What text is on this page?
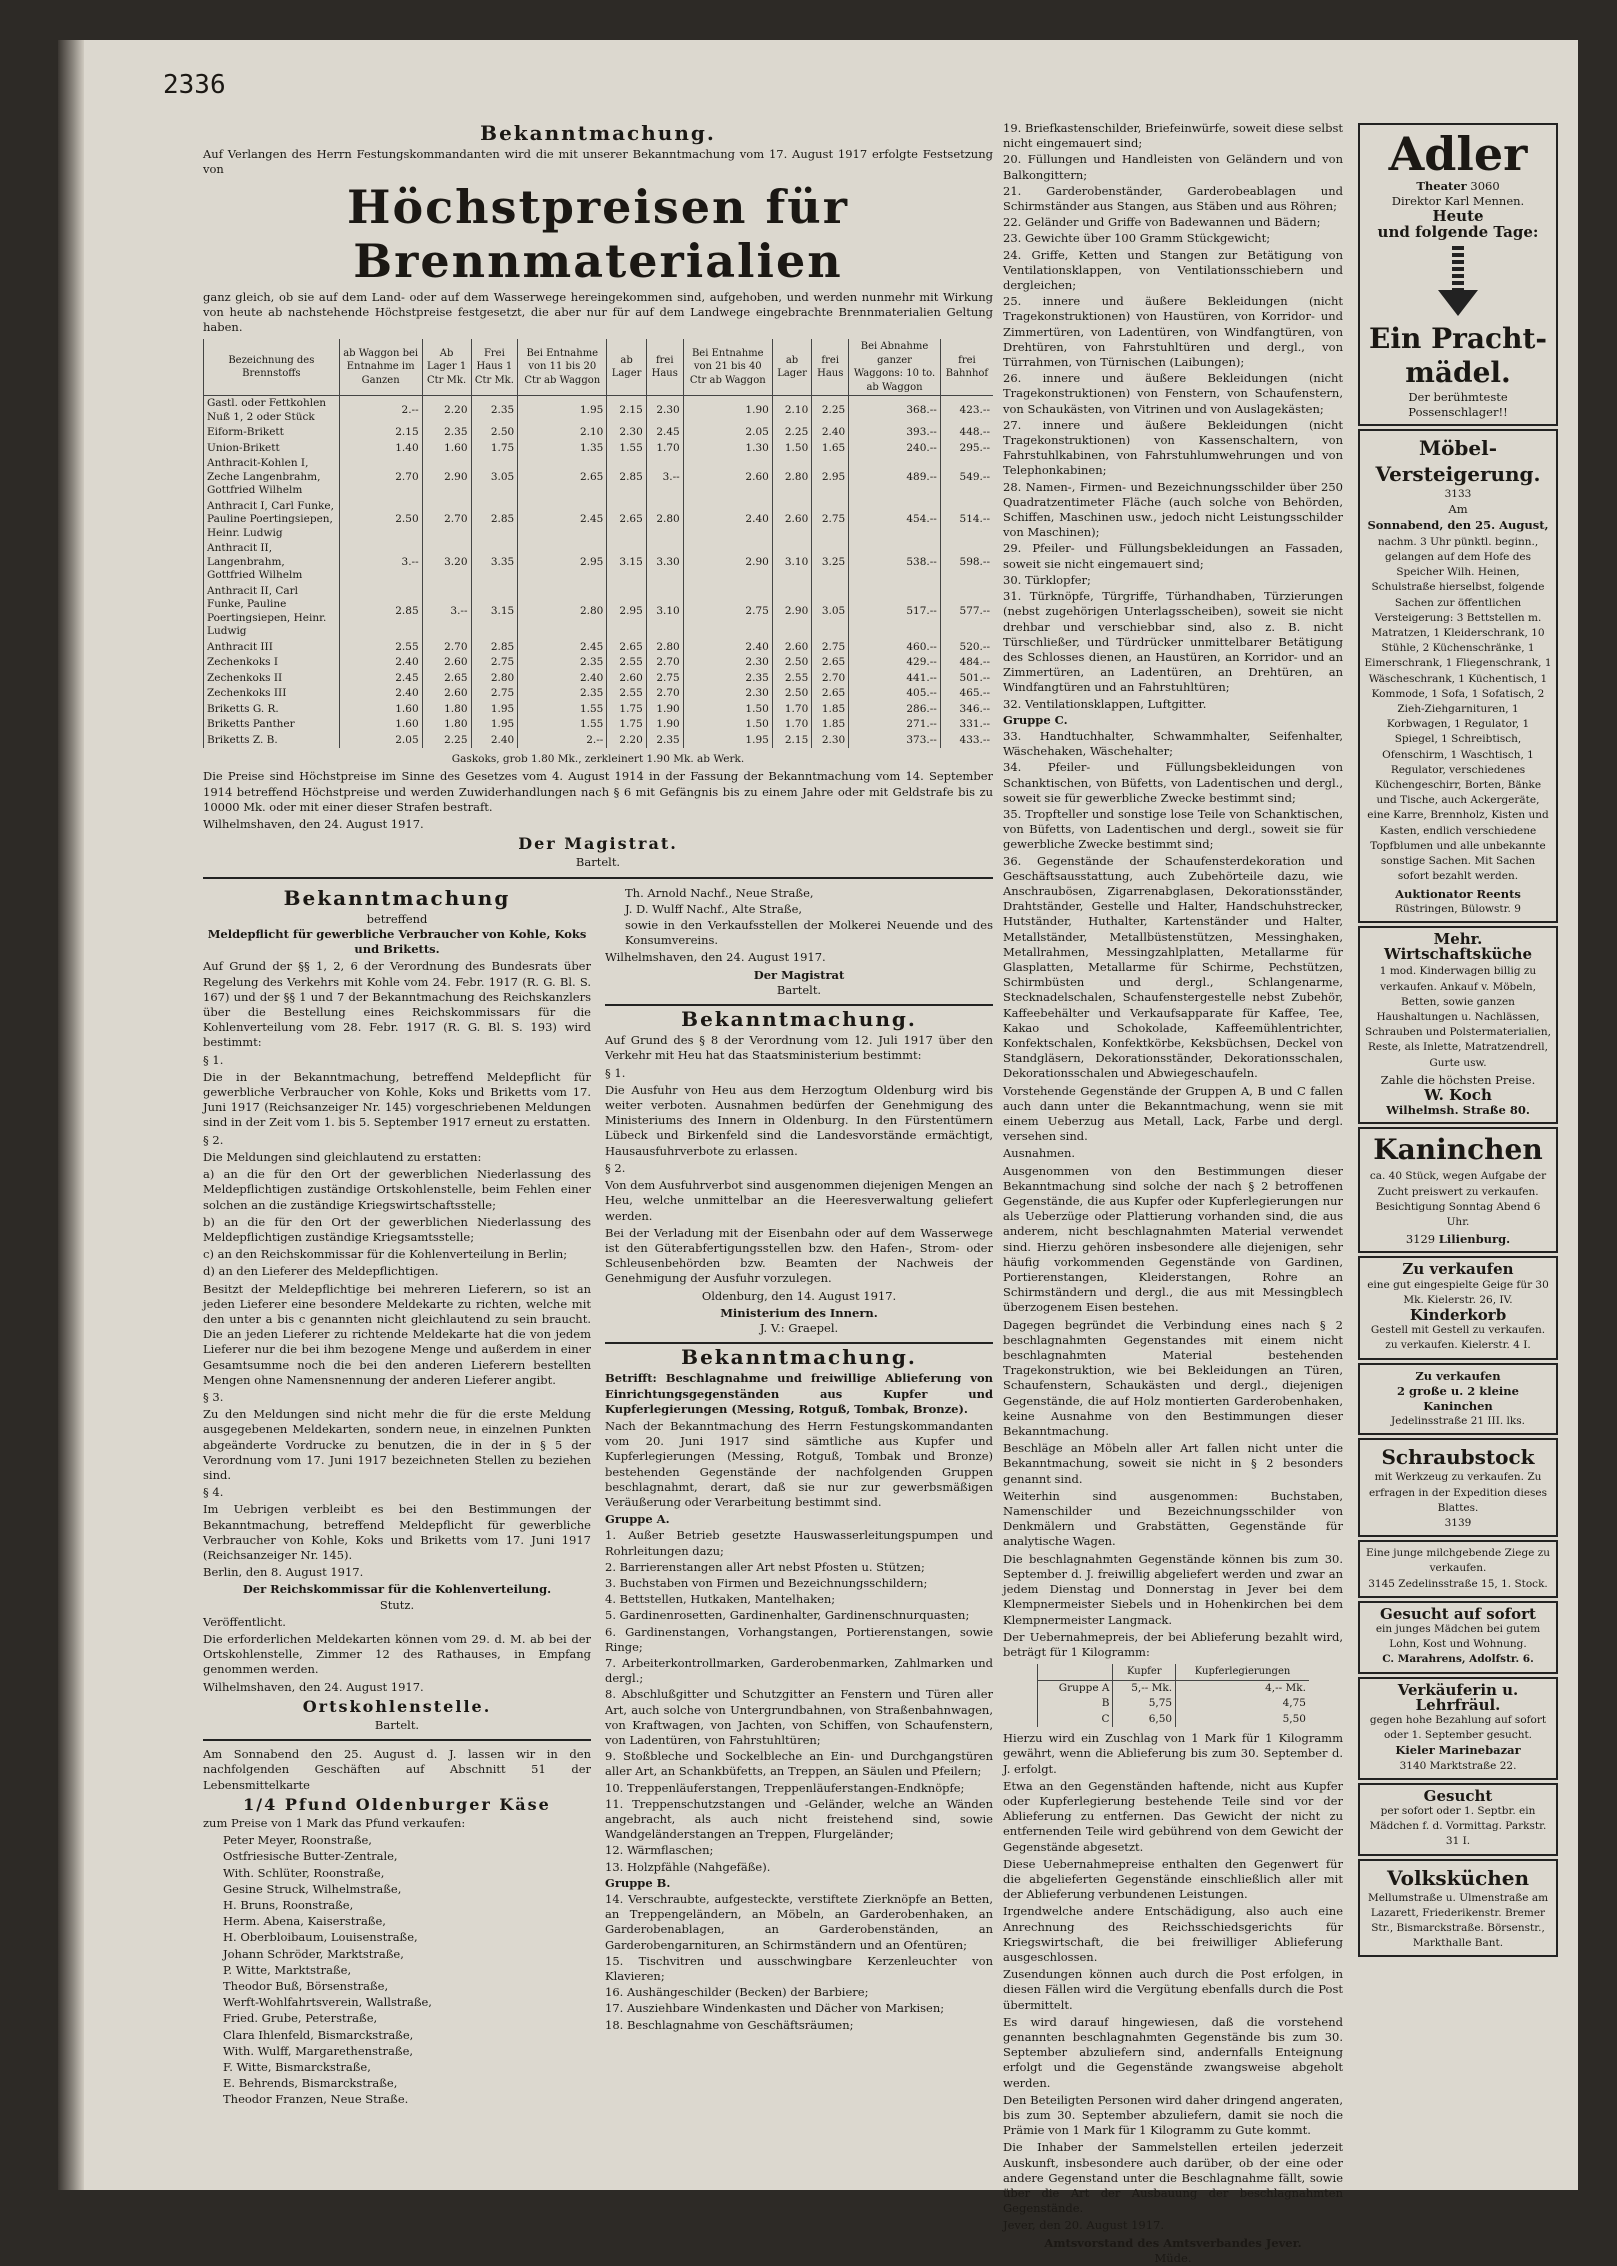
2336
Bekanntmachung.

Auf Verlangen des Herrn Festungskommandanten wird die mit unserer Bekanntmachung vom 17. August 1917 erfolgte Festsetzung von

Höchstpreisen für Brennmaterialien

ganz gleich, ob sie auf dem Land- oder auf dem Wasserwege hereingekommen sind, aufgehoben, und werden nunmehr mit Wirkung von heute ab nachstehende Höchstpreise festgesetzt, die aber nur für auf dem Landwege eingebrachte Brennmaterialien Geltung haben.

Bezeichnung des Brennstoffs	ab Waggon bei Entnahme im Ganzen	Ab Lager 1 Ctr Mk.	Frei Haus 1 Ctr Mk.	Bei Entnahme von 11 bis 20 Ctr ab Waggon	ab Lager	frei Haus	Bei Entnahme von 21 bis 40 Ctr ab Waggon	ab Lager	frei Haus	Bei Abnahme ganzer Waggons: 10 to. ab Waggon	frei Bahnhof
Gastl. oder Fettkohlen Nuß 1, 2 oder Stück	2.--	2.20	2.35	1.95	2.15	2.30	1.90	2.10	2.25	368.--	423.--
Eiform-Brikett	2.15	2.35	2.50	2.10	2.30	2.45	2.05	2.25	2.40	393.--	448.--
Union-Brikett	1.40	1.60	1.75	1.35	1.55	1.70	1.30	1.50	1.65	240.--	295.--
Anthracit-Kohlen I, Zeche Langenbrahm, Gottfried Wilhelm	2.70	2.90	3.05	2.65	2.85	3.--	2.60	2.80	2.95	489.--	549.--
Anthracit I, Carl Funke, Pauline Poertingsiepen, Heinr. Ludwig	2.50	2.70	2.85	2.45	2.65	2.80	2.40	2.60	2.75	454.--	514.--
Anthracit II, Langenbrahm, Gottfried Wilhelm	3.--	3.20	3.35	2.95	3.15	3.30	2.90	3.10	3.25	538.--	598.--
Anthracit II, Carl Funke, Pauline Poertingsiepen, Heinr. Ludwig	2.85	3.--	3.15	2.80	2.95	3.10	2.75	2.90	3.05	517.--	577.--
Anthracit III	2.55	2.70	2.85	2.45	2.65	2.80	2.40	2.60	2.75	460.--	520.--
Zechenkoks I	2.40	2.60	2.75	2.35	2.55	2.70	2.30	2.50	2.65	429.--	484.--
Zechenkoks II	2.45	2.65	2.80	2.40	2.60	2.75	2.35	2.55	2.70	441.--	501.--
Zechenkoks III	2.40	2.60	2.75	2.35	2.55	2.70	2.30	2.50	2.65	405.--	465.--
Briketts G. R.	1.60	1.80	1.95	1.55	1.75	1.90	1.50	1.70	1.85	286.--	346.--
Briketts Panther	1.60	1.80	1.95	1.55	1.75	1.90	1.50	1.70	1.85	271.--	331.--
Briketts Z. B.	2.05	2.25	2.40	2.--	2.20	2.35	1.95	2.15	2.30	373.--	433.--
Gaskoks, grob 1.80 Mk., zerkleinert 1.90 Mk. ab Werk.

Die Preise sind Höchstpreise im Sinne des Gesetzes vom 4. August 1914 in der Fassung der Bekanntmachung vom 14. September 1914 betreffend Höchstpreise und werden Zuwiderhandlungen nach § 6 mit Gefängnis bis zu einem Jahre oder mit Geldstrafe bis zu 10000 Mk. oder mit einer dieser Strafen bestraft.

Wilhelmshaven, den 24. August 1917.

Der Magistrat.
Bartelt.
Bekanntmachung
betreffend
Meldepflicht für gewerbliche Verbraucher von Kohle, Koks und Briketts.

Auf Grund der §§ 1, 2, 6 der Verordnung des Bundesrats über Regelung des Verkehrs mit Kohle vom 24. Febr. 1917 (R. G. Bl. S. 167) und der §§ 1 und 7 der Bekanntmachung des Reichskanzlers über die Bestellung eines Reichskommissars für die Kohlenverteilung vom 28. Febr. 1917 (R. G. Bl. S. 193) wird bestimmt:

§ 1.

Die in der Bekanntmachung, betreffend Meldepflicht für gewerbliche Verbraucher von Kohle, Koks und Briketts vom 17. Juni 1917 (Reichsanzeiger Nr. 145) vorgeschriebenen Meldungen sind in der Zeit vom 1. bis 5. September 1917 erneut zu erstatten.

§ 2.

Die Meldungen sind gleichlautend zu erstatten:

a) an die für den Ort der gewerblichen Niederlassung des Meldepflichtigen zuständige Ortskohlenstelle, beim Fehlen einer solchen an die zuständige Kriegswirtschaftsstelle;

b) an die für den Ort der gewerblichen Niederlassung des Meldepflichtigen zuständige Kriegsamtsstelle;

c) an den Reichskommissar für die Kohlenverteilung in Berlin;

d) an den Lieferer des Meldepflichtigen.

Besitzt der Meldepflichtige bei mehreren Lieferern, so ist an jeden Lieferer eine besondere Meldekarte zu richten, welche mit den unter a bis c genannten nicht gleichlautend zu sein braucht. Die an jeden Lieferer zu richtende Meldekarte hat die von jedem Lieferer nur die bei ihm bezogene Menge und außerdem in einer Gesamtsumme noch die bei den anderen Lieferern bestellten Mengen ohne Namensnennung der anderen Lieferer angibt.

§ 3.

Zu den Meldungen sind nicht mehr die für die erste Meldung ausgegebenen Meldekarten, sondern neue, in einzelnen Punkten abgeänderte Vordrucke zu benutzen, die in der in § 5 der Verordnung vom 17. Juni 1917 bezeichneten Stellen zu beziehen sind.

§ 4.

Im Uebrigen verbleibt es bei den Bestimmungen der Bekanntmachung, betreffend Meldepflicht für gewerbliche Verbraucher von Kohle, Koks und Briketts vom 17. Juni 1917 (Reichsanzeiger Nr. 145).

Berlin, den 8. August 1917.

Der Reichskommissar für die Kohlenverteilung.
Stutz.

Veröffentlicht.

Die erforderlichen Meldekarten können vom 29. d. M. ab bei der Ortskohlenstelle, Zimmer 12 des Rathauses, in Empfang genommen werden.

Wilhelmshaven, den 24. August 1917.

Ortskohlenstelle.
Bartelt.

Am Sonnabend den 25. August d. J. lassen wir in den nachfolgenden Geschäften auf Abschnitt 51 der Lebensmittelkarte

1/4 Pfund Oldenburger Käse

zum Preise von 1 Mark das Pfund verkaufen:

Peter Meyer, Roonstraße,

Ostfriesische Butter-Zentrale,

With. Schlüter, Roonstraße,

Gesine Struck, Wilhelmstraße,

H. Bruns, Roonstraße,

Herm. Abena, Kaiserstraße,

H. Oberbloibaum, Louisenstraße,

Johann Schröder, Marktstraße,

P. Witte, Marktstraße,

Theodor Buß, Börsenstraße,

Werft-Wohlfahrtsverein, Wallstraße,

Fried. Grube, Peterstraße,

Clara Ihlenfeld, Bismarckstraße,

With. Wulff, Margarethenstraße,

F. Witte, Bismarckstraße,

E. Behrends, Bismarckstraße,

Theodor Franzen, Neue Straße.

Th. Arnold Nachf., Neue Straße,

J. D. Wulff Nachf., Alte Straße,

sowie in den Verkaufsstellen der Molkerei Neuende und des Konsumvereins.

Wilhelmshaven, den 24. August 1917.

Der Magistrat
Bartelt.
Bekanntmachung.

Auf Grund des § 8 der Verordnung vom 12. Juli 1917 über den Verkehr mit Heu hat das Staatsministerium bestimmt:

§ 1.

Die Ausfuhr von Heu aus dem Herzogtum Oldenburg wird bis weiter verboten. Ausnahmen bedürfen der Genehmigung des Ministeriums des Innern in Oldenburg. In den Fürstentümern Lübeck und Birkenfeld sind die Landesvorstände ermächtigt, Hausausfuhrverbote zu erlassen.

§ 2.

Von dem Ausfuhrverbot sind ausgenommen diejenigen Mengen an Heu, welche unmittelbar an die Heeresverwaltung geliefert werden.

Bei der Verladung mit der Eisenbahn oder auf dem Wasserwege ist den Güterabfertigungsstellen bzw. den Hafen-, Strom- oder Schleusenbehörden bzw. Beamten der Nachweis der Genehmigung der Ausfuhr vorzulegen.

Oldenburg, den 14. August 1917.

Ministerium des Innern.
J. V.: Graepel.
Bekanntmachung.

Betrifft: Beschlagnahme und freiwillige Ablieferung von Einrichtungsgegenständen aus Kupfer und Kupferlegierungen (Messing, Rotguß, Tombak, Bronze).

Nach der Bekanntmachung des Herrn Festungskommandanten vom 20. Juni 1917 sind sämtliche aus Kupfer und Kupferlegierungen (Messing, Rotguß, Tombak und Bronze) bestehenden Gegenstände der nachfolgenden Gruppen beschlagnahmt, derart, daß sie nur zur gewerbsmäßigen Veräußerung oder Verarbeitung bestimmt sind.

Gruppe A.

1. Außer Betrieb gesetzte Hauswasserleitungspumpen und Rohrleitungen dazu;

2. Barrierenstangen aller Art nebst Pfosten u. Stützen;

3. Buchstaben von Firmen und Bezeichnungsschildern;

4. Bettstellen, Hutkaken, Mantelhaken;

5. Gardinenrosetten, Gardinenhalter, Gardinenschnurquasten;

6. Gardinenstangen, Vorhangstangen, Portierenstangen, sowie Ringe;

7. Arbeiterkontrollmarken, Garderobenmarken, Zahlmarken und dergl.;

8. Abschlußgitter und Schutzgitter an Fenstern und Türen aller Art, auch solche von Untergrundbahnen, von Straßenbahnwagen, von Kraftwagen, von Jachten, von Schiffen, von Schaufenstern, von Ladentüren, von Fahrstuhltüren;

9. Stoßbleche und Sockelbleche an Ein- und Durchgangstüren aller Art, an Schankbüfetts, an Treppen, an Säulen und Pfeilern;

10. Treppenläuferstangen, Treppenläuferstangen-Endknöpfe;

11. Treppenschutzstangen und -Geländer, welche an Wänden angebracht, als auch nicht freistehend sind, sowie Wandgeländerstangen an Treppen, Flurgeländer;

12. Wärmflaschen;

13. Holzpfähle (Nahgefäße).

Gruppe B.

14. Verschraubte, aufgesteckte, verstiftete Zierknöpfe an Betten, an Treppengeländern, an Möbeln, an Garderobenhaken, an Garderobenablagen, an Garderobenständen, an Garderobengarnituren, an Schirmständern und an Ofentüren;

15. Tischvitren und ausschwingbare Kerzenleuchter von Klavieren;

16. Aushängeschilder (Becken) der Barbiere;

17. Ausziehbare Windenkasten und Dächer von Markisen;

18. Beschlagnahme von Geschäftsräumen;

19. Briefkastenschilder, Briefeinwürfe, soweit diese selbst nicht eingemauert sind;

20. Füllungen und Handleisten von Geländern und von Balkongittern;

21. Garderobenständer, Garderobeablagen und Schirmständer aus Stangen, aus Stäben und aus Röhren;

22. Geländer und Griffe von Badewannen und Bädern;

23. Gewichte über 100 Gramm Stückgewicht;

24. Griffe, Ketten und Stangen zur Betätigung von Ventilationsklappen, von Ventilationsschiebern und dergleichen;

25. innere und äußere Bekleidungen (nicht Tragekonstruktionen) von Haustüren, von Korridor- und Zimmertüren, von Ladentüren, von Windfangtüren, von Drehtüren, von Fahrstuhltüren und dergl., von Türrahmen, von Türnischen (Laibungen);

26. innere und äußere Bekleidungen (nicht Tragekonstruktionen) von Fenstern, von Schaufenstern, von Schaukästen, von Vitrinen und von Auslagekästen;

27. innere und äußere Bekleidungen (nicht Tragekonstruktionen) von Kassenschaltern, von Fahrstuhlkabinen, von Fahrstuhlumwehrungen und von Telephonkabinen;

28. Namen-, Firmen- und Bezeichnungsschilder über 250 Quadratzentimeter Fläche (auch solche von Behörden, Schiffen, Maschinen usw., jedoch nicht Leistungsschilder von Maschinen);

29. Pfeiler- und Füllungsbekleidungen an Fassaden, soweit sie nicht eingemauert sind;

30. Türklopfer;

31. Türknöpfe, Türgriffe, Türhandhaben, Türzierungen (nebst zugehörigen Unterlagsscheiben), soweit sie nicht drehbar und verschiebbar sind, also z. B. nicht Türschließer, und Türdrücker unmittelbarer Betätigung des Schlosses dienen, an Haustüren, an Korridor- und an Zimmertüren, an Ladentüren, an Drehtüren, an Windfangtüren und an Fahrstuhltüren;

32. Ventilationsklappen, Luftgitter.

Gruppe C.

33. Handtuchhalter, Schwammhalter, Seifenhalter, Wäschehaken, Wäschehalter;

34. Pfeiler- und Füllungsbekleidungen von Schanktischen, von Büfetts, von Ladentischen und dergl., soweit sie für gewerbliche Zwecke bestimmt sind;

35. Tropfteller und sonstige lose Teile von Schanktischen, von Büfetts, von Ladentischen und dergl., soweit sie für gewerbliche Zwecke bestimmt sind;

36. Gegenstände der Schaufensterdekoration und Geschäftsausstattung, auch Zubehörteile dazu, wie Anschraubösen, Zigarrenabglasen, Dekorationsständer, Drahtständer, Gestelle und Halter, Handschuhstrecker, Hutständer, Huthalter, Kartenständer und Halter, Metallständer, Metallbüstenstützen, Messinghaken, Metallrahmen, Messingzahlplatten, Metallarme für Glasplatten, Metallarme für Schirme, Pechstützen, Schirmbüsten und dergl., Schlangenarme, Stecknadelschalen, Schaufenstergestelle nebst Zubehör, Kaffeebehälter und Verkaufsapparate für Kaffee, Tee, Kakao und Schokolade, Kaffeemühlentrichter, Konfektschalen, Konfektkörbe, Keksbüchsen, Deckel von Standgläsern, Dekorationsständer, Dekorationsschalen, Dekorationsschalen und Abwiegeschaufeln.

Vorstehende Gegenstände der Gruppen A, B und C fallen auch dann unter die Bekanntmachung, wenn sie mit einem Ueberzug aus Metall, Lack, Farbe und dergl. versehen sind.

Ausnahmen.

Ausgenommen von den Bestimmungen dieser Bekanntmachung sind solche der nach § 2 betroffenen Gegenstände, die aus Kupfer oder Kupferlegierungen nur als Ueberzüge oder Plattierung vorhanden sind, die aus anderem, nicht beschlagnahmten Material verwendet sind. Hierzu gehören insbesondere alle diejenigen, sehr häufig vorkommenden Gegenstände von Gardinen, Portierenstangen, Kleiderstangen, Rohre an Schirmständern und dergl., die aus mit Messingblech überzogenem Eisen bestehen.

Dagegen begründet die Verbindung eines nach § 2 beschlagnahmten Gegenstandes mit einem nicht beschlagnahmten Material bestehenden Tragekonstruktion, wie bei Bekleidungen an Türen, Schaufenstern, Schaukästen und dergl., diejenigen Gegenstände, die auf Holz montierten Garderobenhaken, keine Ausnahme von den Bestimmungen dieser Bekanntmachung.

Beschläge an Möbeln aller Art fallen nicht unter die Bekanntmachung, soweit sie nicht in § 2 besonders genannt sind.

Weiterhin sind ausgenommen: Buchstaben, Namenschilder und Bezeichnungsschilder von Denkmälern und Grabstätten, Gegenstände für analytische Wagen.

Die beschlagnahmten Gegenstände können bis zum 30. September d. J. freiwillig abgeliefert werden und zwar an jedem Dienstag und Donnerstag in Jever bei dem Klempnermeister Siebels und in Hohenkirchen bei dem Klempnermeister Langmack.

Der Uebernahmepreis, der bei Ablieferung bezahlt wird, beträgt für 1 Kilogramm:

	Kupfer	Kupferlegierungen
Gruppe A	5,-- Mk.	4,-- Mk.
B	5,75	4,75
C	6,50	5,50

Hierzu wird ein Zuschlag von 1 Mark für 1 Kilogramm gewährt, wenn die Ablieferung bis zum 30. September d. J. erfolgt.

Etwa an den Gegenständen haftende, nicht aus Kupfer oder Kupferlegierung bestehende Teile sind vor der Ablieferung zu entfernen. Das Gewicht der nicht zu entfernenden Teile wird gebührend von dem Gewicht der Gegenstände abgesetzt.

Diese Uebernahmepreise enthalten den Gegenwert für die abgelieferten Gegenstände einschließlich aller mit der Ablieferung verbundenen Leistungen.

Irgendwelche andere Entschädigung, also auch eine Anrechnung des Reichsschiedsgerichts für Kriegswirtschaft, die bei freiwilliger Ablieferung ausgeschlossen.

Zusendungen können auch durch die Post erfolgen, in diesen Fällen wird die Vergütung ebenfalls durch die Post übermittelt.

Es wird darauf hingewiesen, daß die vorstehend genannten beschlagnahmten Gegenstände bis zum 30. September abzuliefern sind, andernfalls Enteignung erfolgt und die Gegenstände zwangsweise abgeholt werden.

Den Beteiligten Personen wird daher dringend angeraten, bis zum 30. September abzuliefern, damit sie noch die Prämie von 1 Mark für 1 Kilogramm zu Gute kommt.

Die Inhaber der Sammelstellen erteilen jederzeit Auskunft, insbesondere auch darüber, ob der eine oder andere Gegenstand unter die Beschlagnahme fällt, sowie über die Art der Ausbauung der beschlagnahmten Gegenstände.

Jever, den 20. August 1917.

Amtsvorstand des Amtsverbandes Jever.
Müde.
Adler
Theater 3060
Direktor Karl Mennen.
Heute
und folgende Tage:
Ein Pracht-mädel.
Der berühmteste Possenschlager!!
Möbel-Versteigerung.
3133
Am
Sonnabend, den 25. August,

nachm. 3 Uhr pünktl. beginn., gelangen auf dem Hofe des Speicher Wilh. Heinen, Schulstraße hierselbst, folgende Sachen zur öffentlichen Versteigerung: 3 Bettstellen m. Matratzen, 1 Kleiderschrank, 10 Stühle, 2 Küchenschränke, 1 Eimerschrank, 1 Fliegenschrank, 1 Wäscheschrank, 1 Küchentisch, 1 Kommode, 1 Sofa, 1 Sofatisch, 2 Zieh-Ziehgarnituren, 1 Korbwagen, 1 Regulator, 1 Spiegel, 1 Schreibtisch, Ofenschirm, 1 Waschtisch, 1 Regulator, verschiedenes Küchengeschirr, Borten, Bänke und Tische, auch Ackergeräte, eine Karre, Brennholz, Kisten und Kasten, endlich verschiedene Topfblumen und alle unbekannte sonstige Sachen. Mit Sachen sofort bezahlt werden.

Auktionator Reents
Rüstringen, Bülowstr. 9
Mehr. Wirtschaftsküche

1 mod. Kinderwagen billig zu verkaufen. Ankauf v. Möbeln, Betten, sowie ganzen Haushaltungen u. Nachlässen, Schrauben und Polstermaterialien, Reste, als Inlette, Matratzendrell, Gurte usw.

Zahle die höchsten Preise.
W. Koch
Wilhelmsh. Straße 80.
Kaninchen

ca. 40 Stück, wegen Aufgabe der Zucht preiswert zu verkaufen. Besichtigung Sonntag Abend 6 Uhr.

3129 Lilienburg.
Zu verkaufen
eine gut eingespielte Geige für 30 Mk. Kielerstr. 26, IV.
Kinderkorb
Gestell mit Gestell zu verkaufen.
zu verkaufen. Kielerstr. 4 I.
Zu verkaufen
2 große u. 2 kleine Kaninchen
Jedelinsstraße 21 III. lks.
Schraubstock
mit Werkzeug zu verkaufen. Zu erfragen in der Expedition dieses Blattes.
3139
Eine junge milchgebende Ziege zu verkaufen.
3145 Zedelinsstraße 15, 1. Stock.
Gesucht auf sofort
ein junges Mädchen bei gutem Lohn, Kost und Wohnung.
C. Marahrens, Adolfstr. 6.
Verkäuferin u. Lehrfräul.
gegen hohe Bezahlung auf sofort oder 1. September gesucht.
Kieler Marinebazar
3140 Marktstraße 22.
Gesucht
per sofort oder 1. Septbr. ein Mädchen f. d. Vormittag. Parkstr. 31 I.
Volksküchen
Mellumstraße u. Ulmenstraße am Lazarett, Friederikenstr. Bremer Str., Bismarckstraße. Börsenstr., Markthalle Bant.
